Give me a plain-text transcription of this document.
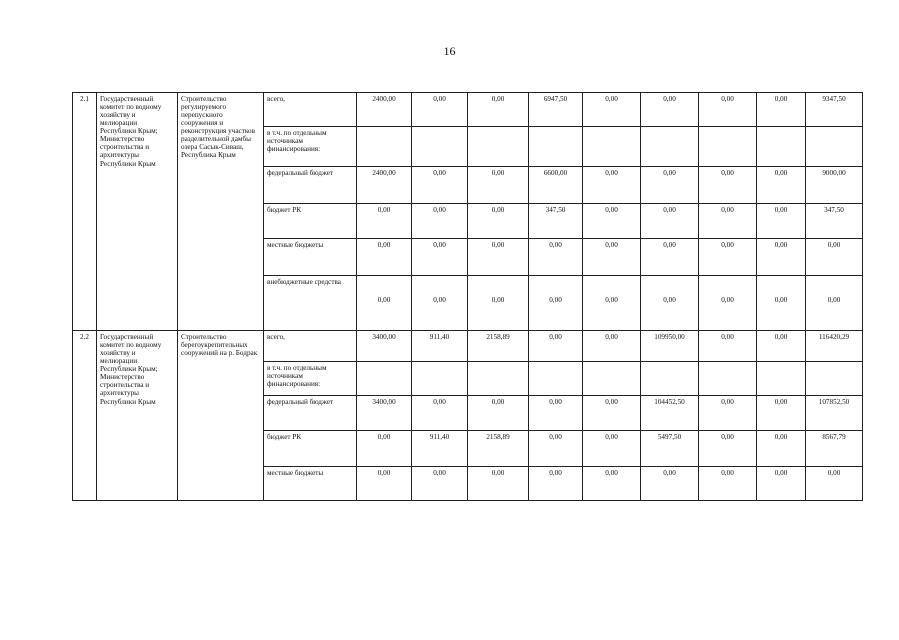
16
2.1	Государственный комитет по водному хозяйству и мелиорации Республики Крым; Министерство строительства и архитектуры Республики Крым	Строительство регулируемого перепускного сооружения и реконструкция участков разделительной дамбы озера Сасык-Сиваш, Республика Крым	всего,	2400,00	0,00	0,00	6947,50	0,00	0,00	0,00	0,00	9347,50
			в т.ч. по отдельным источникам финансирования:									
			федеральный бюджет	2400,00	0,00	0,00	6600,00	0,00	0,00	0,00	0,00	9000,00
			бюджет РК	0,00	0,00	0,00	347,50	0,00	0,00	0,00	0,00	347,50
			местные бюджеты	0,00	0,00	0,00	0,00	0,00	0,00	0,00	0,00	0,00
			внебюджетные средства	0,00	0,00	0,00	0,00	0,00	0,00	0,00	0,00	0,00
2.2	Государственный комитет по водному хозяйству и мелиорации Республики Крым; Министерство строительства и архитектуры Республики Крым	Строительство берегоукрепительных сооружений на р. Бодрак	всего,	3400,00	911,40	2158,89	0,00	0,00	109950,00	0,00	0,00	116420,29
			в т.ч. по отдельным источникам финансирования:									
			федеральный бюджет	3400,00	0,00	0,00	0,00	0,00	104452,50	0,00	0,00	107852,50
			бюджет РК	0,00	911,40	2158,89	0,00	0,00	5497,50	0,00	0,00	8567,79
			местные бюджеты	0,00	0,00	0,00	0,00	0,00	0,00	0,00	0,00	0,00
